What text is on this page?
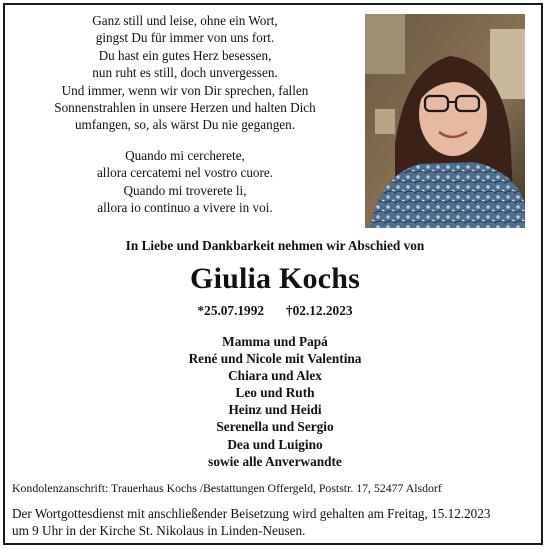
Ganz still und leise, ohne ein Wort,
gingst Du für immer von uns fort.
Du hast ein gutes Herz besessen,
nun ruht es still, doch unvergessen.
Und immer, wenn wir von Dir sprechen, fallen
Sonnenstrahlen in unsere Herzen und halten Dich
umfangen, so, als wärst Du nie gegangen.
Quando mi cercherete,
allora cercatemi nel vostro cuore.
Quando mi troverete li,
allora io continuo a vivere in voi.
In Liebe und Dankbarkeit nehmen wir Abschied von
Giulia Kochs
*25.07.1992 †02.12.2023
Mamma und Papá
René und Nicole mit Valentina
Chiara und Alex
Leo und Ruth
Heinz und Heidi
Serenella und Sergio
Dea und Luigino
sowie alle Anverwandte
Kondolenzanschrift: Trauerhaus Kochs /Bestattungen Offergeld, Poststr. 17, 52477 Alsdorf
Der Wortgottesdienst mit anschließender Beisetzung wird gehalten am Freitag, 15.12.2023
um 9 Uhr in der Kirche St. Nikolaus in Linden-Neusen.
